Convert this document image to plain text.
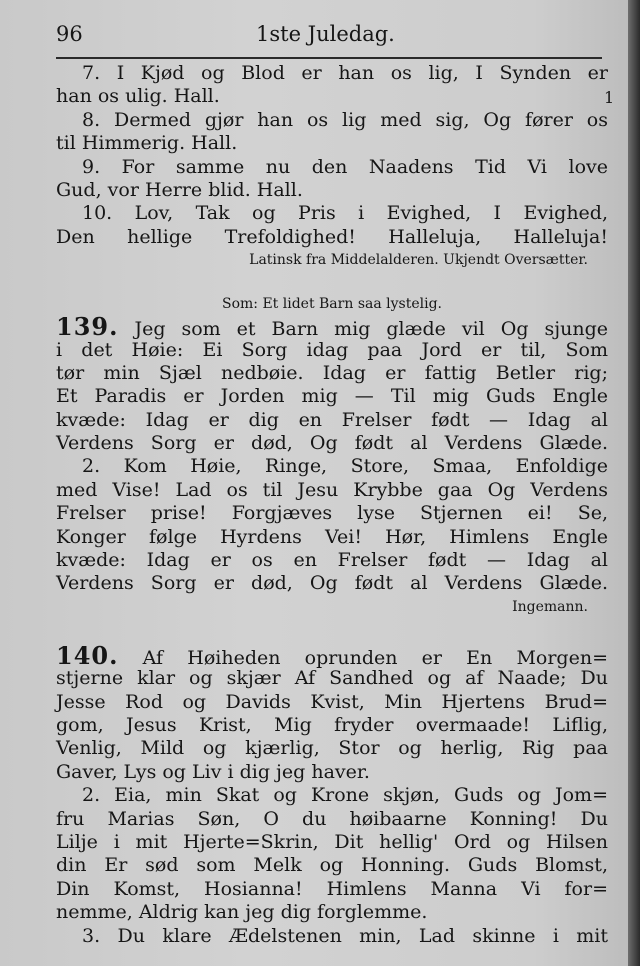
96	1ste Juledag.
1
7. I Kjød og Blod er han os lig, I Synden er
han os ulig. Hall.
8. Dermed gjør han os lig med sig, Og fører os
til Himmerig. Hall.
9. For samme nu den Naadens Tid Vi love
Gud, vor Herre blid. Hall.
10. Lov, Tak og Pris i Evighed, I Evighed,
Den hellige Trefoldighed! Halleluja, Halleluja!
Latinsk fra Middelalderen. Ukjendt Oversætter.
Som: Et lidet Barn saa lystelig.
139. Jeg som et Barn mig glæde vil Og sjunge
i det Høie: Ei Sorg idag paa Jord er til, Som
tør min Sjæl nedbøie. Idag er fattig Betler rig;
Et Paradis er Jorden mig — Til mig Guds Engle
kvæde: Idag er dig en Frelser født — Idag al
Verdens Sorg er død, Og født al Verdens Glæde.
2. Kom Høie, Ringe, Store, Smaa, Enfoldige
med Vise! Lad os til Jesu Krybbe gaa Og Verdens
Frelser prise! Forgjæves lyse Stjernen ei! Se,
Konger følge Hyrdens Vei! Hør, Himlens Engle
kvæde: Idag er os en Frelser født — Idag al
Verdens Sorg er død, Og født al Verdens Glæde.
Ingemann.
140. Af Høiheden oprunden er En Morgen=
stjerne klar og skjær Af Sandhed og af Naade; Du
Jesse Rod og Davids Kvist, Min Hjertens Brud=
gom, Jesus Krist, Mig fryder overmaade! Liflig,
Venlig, Mild og kjærlig, Stor og herlig, Rig paa
Gaver, Lys og Liv i dig jeg haver.
2. Eia, min Skat og Krone skjøn, Guds og Jom=
fru Marias Søn, O du høibaarne Konning! Du
Lilje i mit Hjerte=Skrin, Dit hellig' Ord og Hilsen
din Er sød som Melk og Honning. Guds Blomst,
Din Komst, Hosianna! Himlens Manna Vi for=
nemme, Aldrig kan jeg dig forglemme.
3. Du klare Ædelstenen min, Lad skinne i mit
